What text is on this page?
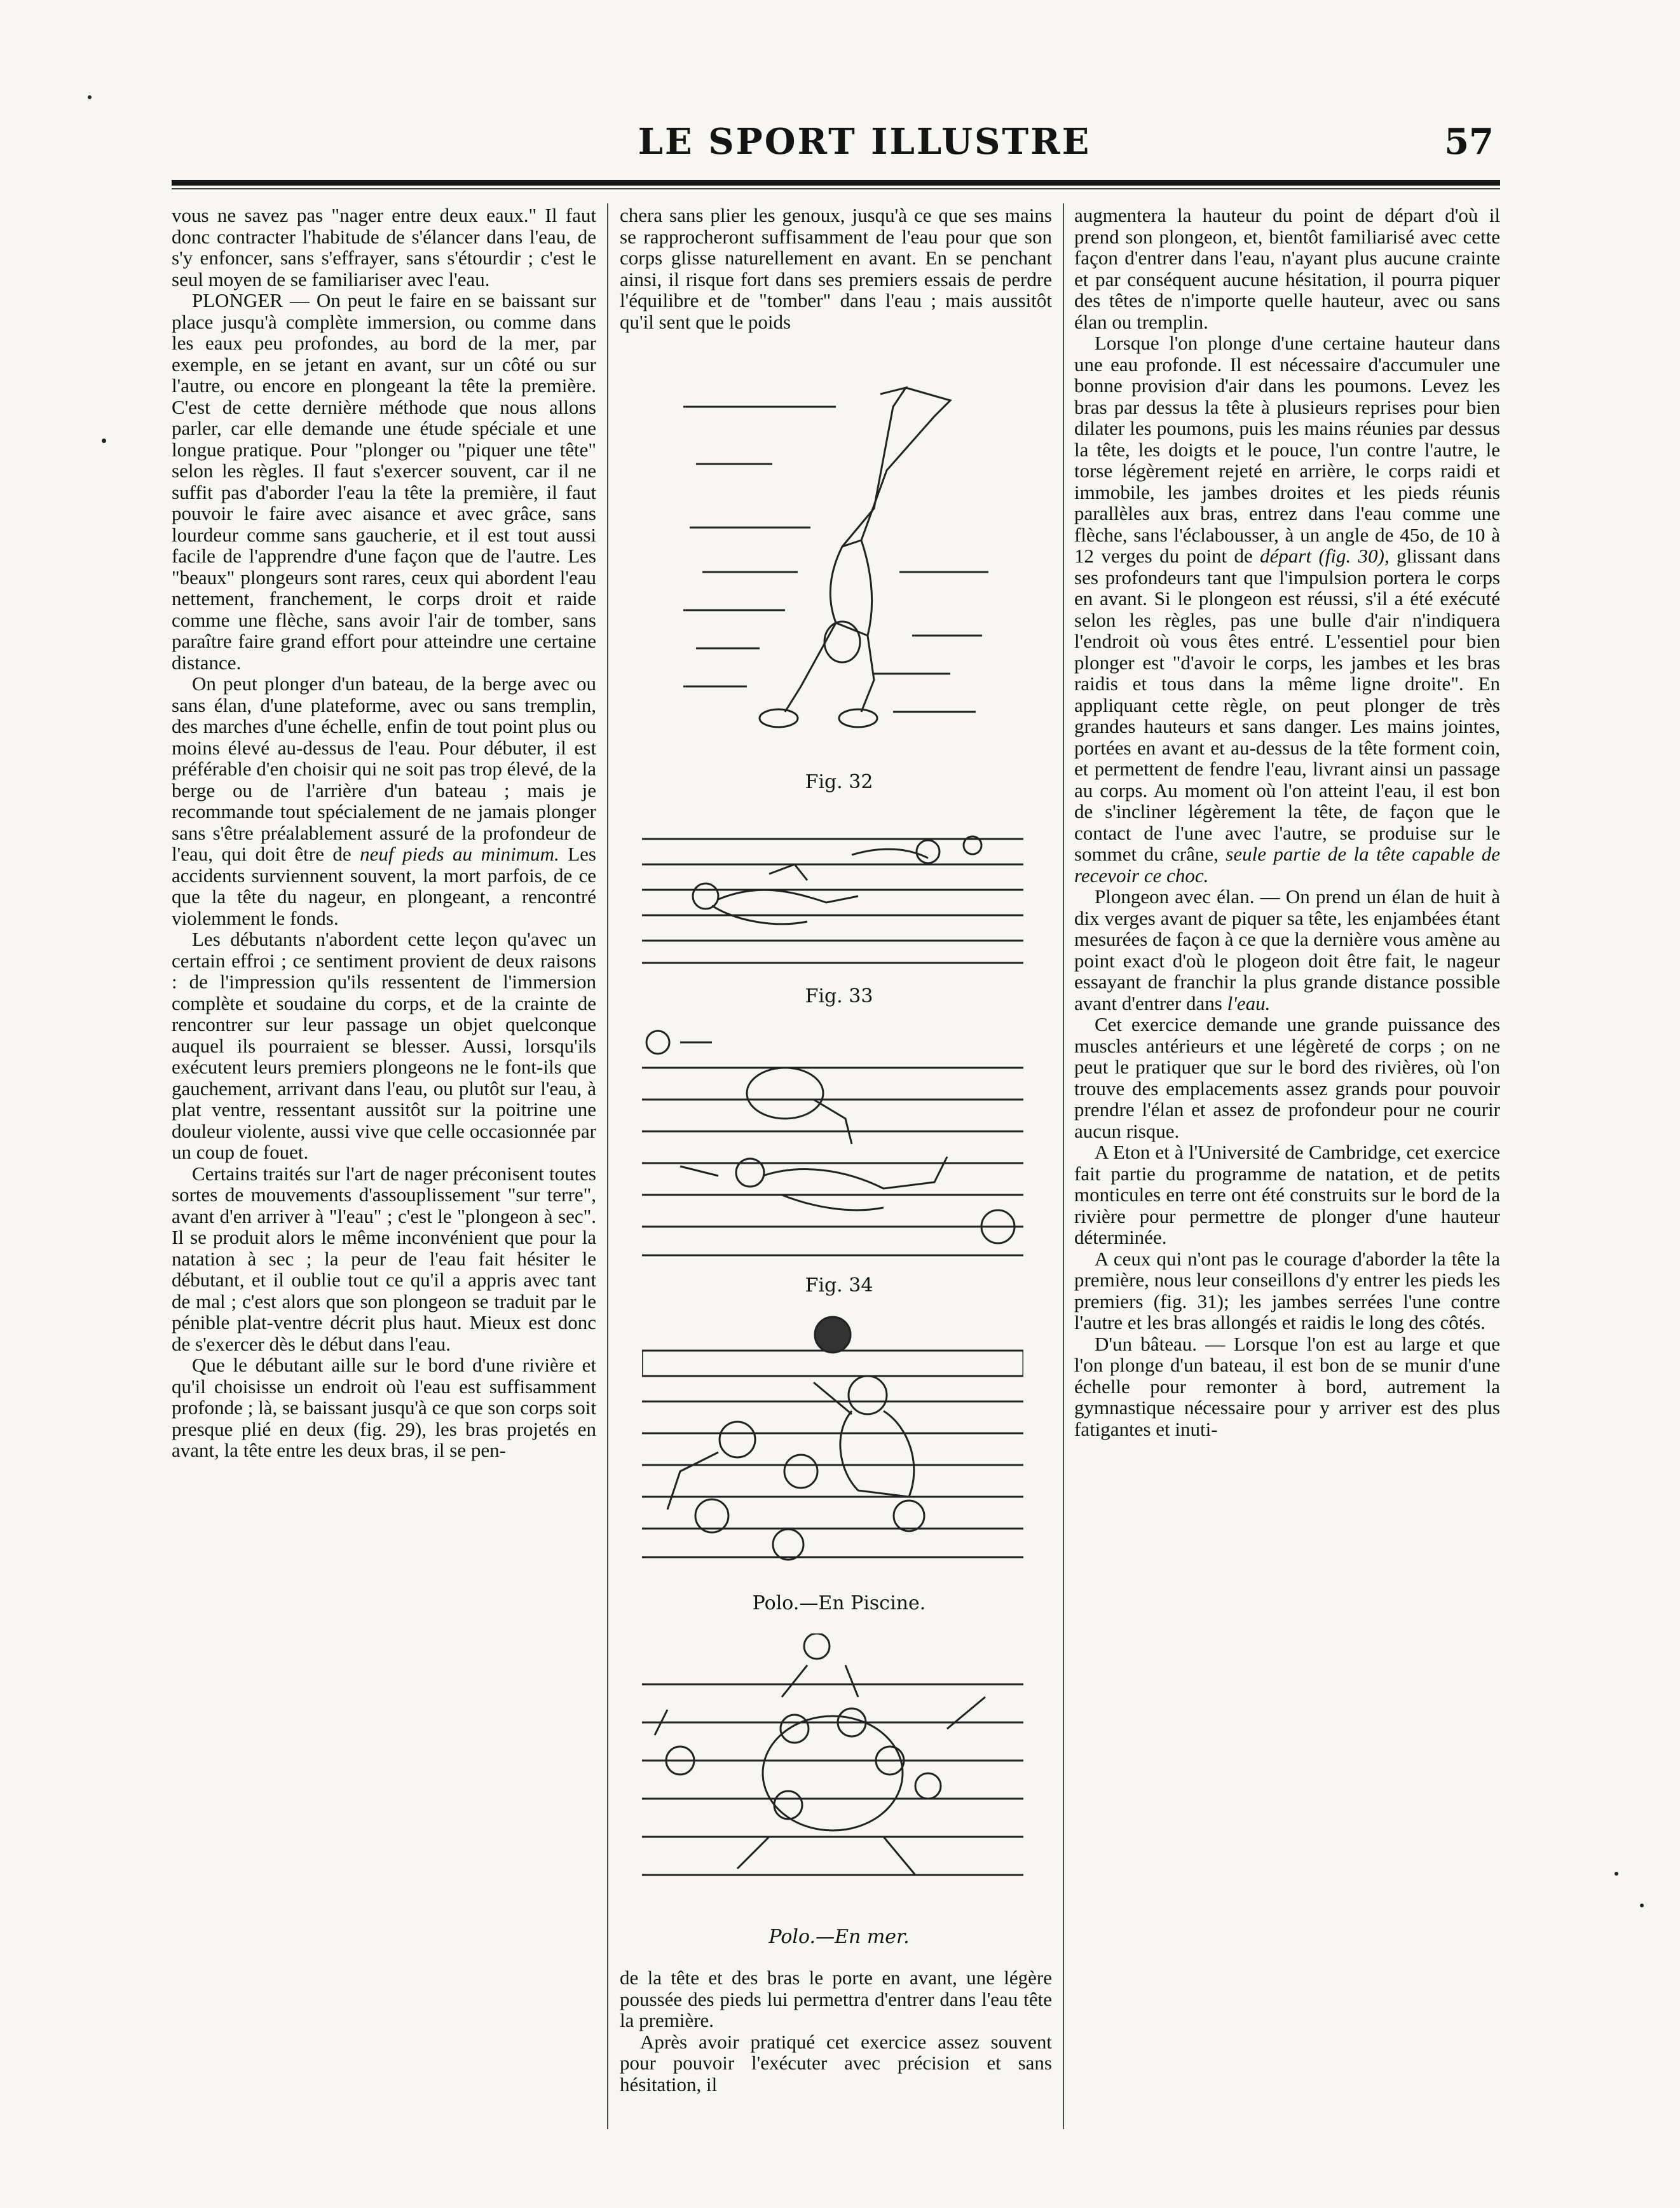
LE SPORT ILLUSTRE	57

vous ne savez pas "nager entre deux eaux." Il faut donc contracter l'habitude de s'élancer dans l'eau, de s'y enfoncer, sans s'effrayer, sans s'étourdir ; c'est le seul moyen de se familiariser avec l'eau.

PLONGER — On peut le faire en se baissant sur place jusqu'à complète immersion, ou comme dans les eaux peu profondes, au bord de la mer, par exemple, en se jetant en avant, sur un côté ou sur l'autre, ou encore en plongeant la tête la première. C'est de cette dernière méthode que nous allons parler, car elle demande une étude spéciale et une longue pratique. Pour "plonger ou "piquer une tête" selon les règles. Il faut s'exercer souvent, car il ne suffit pas d'aborder l'eau la tête la première, il faut pouvoir le faire avec aisance et avec grâce, sans lourdeur comme sans gaucherie, et il est tout aussi facile de l'apprendre d'une façon que de l'autre. Les "beaux" plongeurs sont rares, ceux qui abordent l'eau nettement, franchement, le corps droit et raide comme une flèche, sans avoir l'air de tomber, sans paraître faire grand effort pour atteindre une certaine distance.

On peut plonger d'un bateau, de la berge avec ou sans élan, d'une plateforme, avec ou sans tremplin, des marches d'une échelle, enfin de tout point plus ou moins élevé au-dessus de l'eau. Pour débuter, il est préférable d'en choisir qui ne soit pas trop élevé, de la berge ou de l'arrière d'un bateau ; mais je recommande tout spécialement de ne jamais plonger sans s'être préalablement assuré de la profondeur de l'eau, qui doit être de neuf pieds au minimum. Les accidents surviennent souvent, la mort parfois, de ce que la tête du nageur, en plongeant, a rencontré violemment le fonds.

Les débutants n'abordent cette leçon qu'avec un certain effroi ; ce sentiment provient de deux raisons : de l'impression qu'ils ressentent de l'immersion complète et soudaine du corps, et de la crainte de rencontrer sur leur passage un objet quelconque auquel ils pourraient se blesser. Aussi, lorsqu'ils exécutent leurs premiers plongeons ne le font-ils que gauchement, arrivant dans l'eau, ou plutôt sur l'eau, à plat ventre, ressentant aussitôt sur la poitrine une douleur violente, aussi vive que celle occasionnée par un coup de fouet.

Certains traités sur l'art de nager préconisent toutes sortes de mouvements d'assouplissement "sur terre", avant d'en arriver à "l'eau" ; c'est le "plongeon à sec". Il se produit alors le même inconvénient que pour la natation à sec ; la peur de l'eau fait hésiter le débutant, et il oublie tout ce qu'il a appris avec tant de mal ; c'est alors que son plongeon se traduit par le pénible plat-ventre décrit plus haut. Mieux est donc de s'exercer dès le début dans l'eau.

Que le débutant aille sur le bord d'une rivière et qu'il choisisse un endroit où l'eau est suffisamment profonde ; là, se baissant jusqu'à ce que son corps soit presque plié en deux (fig. 29), les bras projetés en avant, la tête entre les deux bras, il se pen-

chera sans plier les genoux, jusqu'à ce que ses mains se rapprocheront suffisamment de l'eau pour que son corps glisse naturellement en avant. En se penchant ainsi, il risque fort dans ses premiers essais de perdre l'équilibre et de "tomber" dans l'eau ; mais aussitôt qu'il sent que le poids

Fig. 32
Fig. 33
Fig. 34
Polo.—En Piscine.
Polo.—En mer.

de la tête et des bras le porte en avant, une légère poussée des pieds lui permettra d'entrer dans l'eau tête la première.

Après avoir pratiqué cet exercice assez souvent pour pouvoir l'exécuter avec précision et sans hésitation, il

augmentera la hauteur du point de départ d'où il prend son plongeon, et, bientôt familiarisé avec cette façon d'entrer dans l'eau, n'ayant plus aucune crainte et par conséquent aucune hésitation, il pourra piquer des têtes de n'importe quelle hauteur, avec ou sans élan ou tremplin.

Lorsque l'on plonge d'une certaine hauteur dans une eau profonde. Il est nécessaire d'accumuler une bonne provision d'air dans les poumons. Levez les bras par dessus la tête à plusieurs reprises pour bien dilater les poumons, puis les mains réunies par dessus la tête, les doigts et le pouce, l'un contre l'autre, le torse légèrement rejeté en arrière, le corps raidi et immobile, les jambes droites et les pieds réunis parallèles aux bras, entrez dans l'eau comme une flèche, sans l'éclabousser, à un angle de 45o, de 10 à 12 verges du point de départ (fig. 30), glissant dans ses profondeurs tant que l'impulsion portera le corps en avant. Si le plongeon est réussi, s'il a été exécuté selon les règles, pas une bulle d'air n'indiquera l'endroit où vous êtes entré. L'essentiel pour bien plonger est "d'avoir le corps, les jambes et les bras raidis et tous dans la même ligne droite". En appliquant cette règle, on peut plonger de très grandes hauteurs et sans danger. Les mains jointes, portées en avant et au-dessus de la tête forment coin, et permettent de fendre l'eau, livrant ainsi un passage au corps. Au moment où l'on atteint l'eau, il est bon de s'incliner légèrement la tête, de façon que le contact de l'une avec l'autre, se produise sur le sommet du crâne, seule partie de la tête capable de recevoir ce choc.

Plongeon avec élan. — On prend un élan de huit à dix verges avant de piquer sa tête, les enjambées étant mesurées de façon à ce que la dernière vous amène au point exact d'où le plogeon doit être fait, le nageur essayant de franchir la plus grande distance possible avant d'entrer dans l'eau.

Cet exercice demande une grande puissance des muscles antérieurs et une légèreté de corps ; on ne peut le pratiquer que sur le bord des rivières, où l'on trouve des emplacements assez grands pour pouvoir prendre l'élan et assez de profondeur pour ne courir aucun risque.

A Eton et à l'Université de Cambridge, cet exercice fait partie du programme de natation, et de petits monticules en terre ont été construits sur le bord de la rivière pour permettre de plonger d'une hauteur déterminée.

A ceux qui n'ont pas le courage d'aborder la tête la première, nous leur conseillons d'y entrer les pieds les premiers (fig. 31); les jambes serrées l'une contre l'autre et les bras allongés et raidis le long des côtés.

D'un bâteau. — Lorsque l'on est au large et que l'on plonge d'un bateau, il est bon de se munir d'une échelle pour remonter à bord, autrement la gymnastique nécessaire pour y arriver est des plus fatigantes et inuti-
